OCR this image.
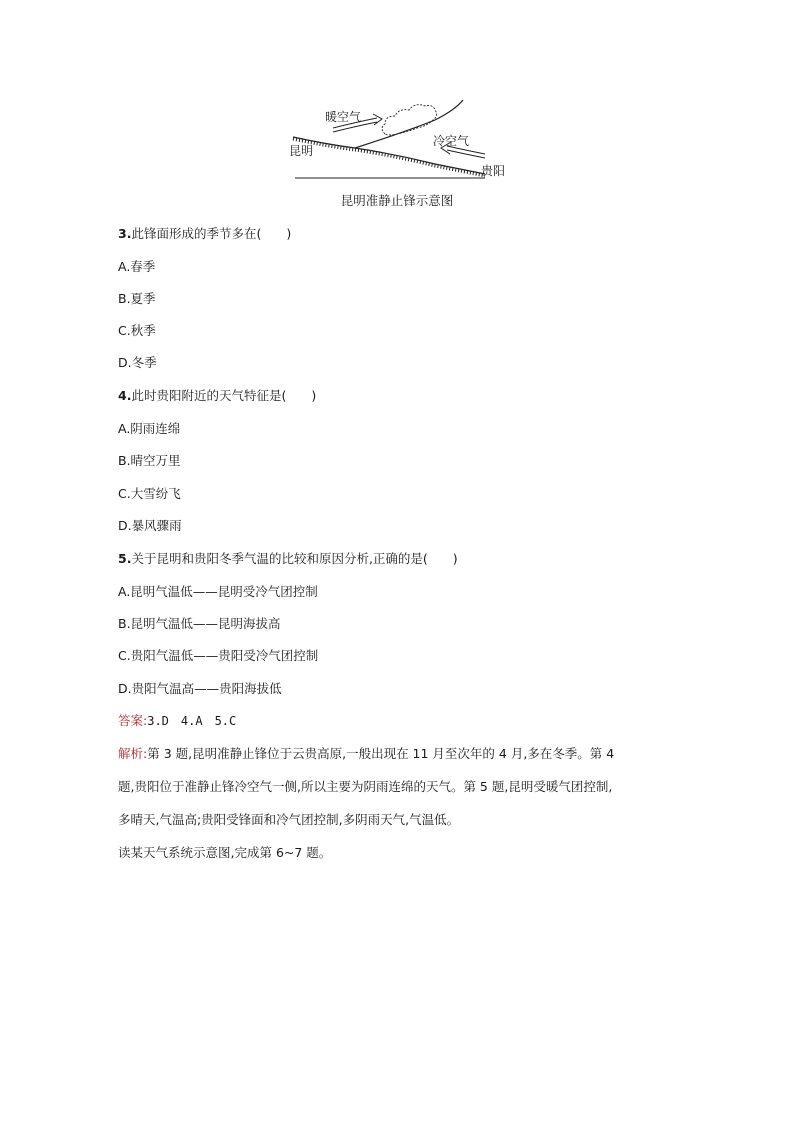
暖空气
冷空气
昆明
贵阳
昆明准静止锋示意图
3.此锋面形成的季节多在(　　)
A.春季
B.夏季
C.秋季
D.冬季
4.此时贵阳附近的天气特征是(　　)
A.阴雨连绵
B.晴空万里
C.大雪纷飞
D.暴风骤雨
5.关于昆明和贵阳冬季气温的比较和原因分析,正确的是(　　)
A.昆明气温低——昆明受冷气团控制
B.昆明气温低——昆明海拔高
C.贵阳气温低——贵阳受冷气团控制
D.贵阳气温高——贵阳海拔低
答案:3.D　4.A　5.C
解析:第 3 题,昆明准静止锋位于云贵高原,一般出现在 11 月至次年的 4 月,多在冬季。第 4
题,贵阳位于准静止锋冷空气一侧,所以主要为阴雨连绵的天气。第 5 题,昆明受暖气团控制,
多晴天,气温高;贵阳受锋面和冷气团控制,多阴雨天气,气温低。
读某天气系统示意图,完成第 6~7 题。
